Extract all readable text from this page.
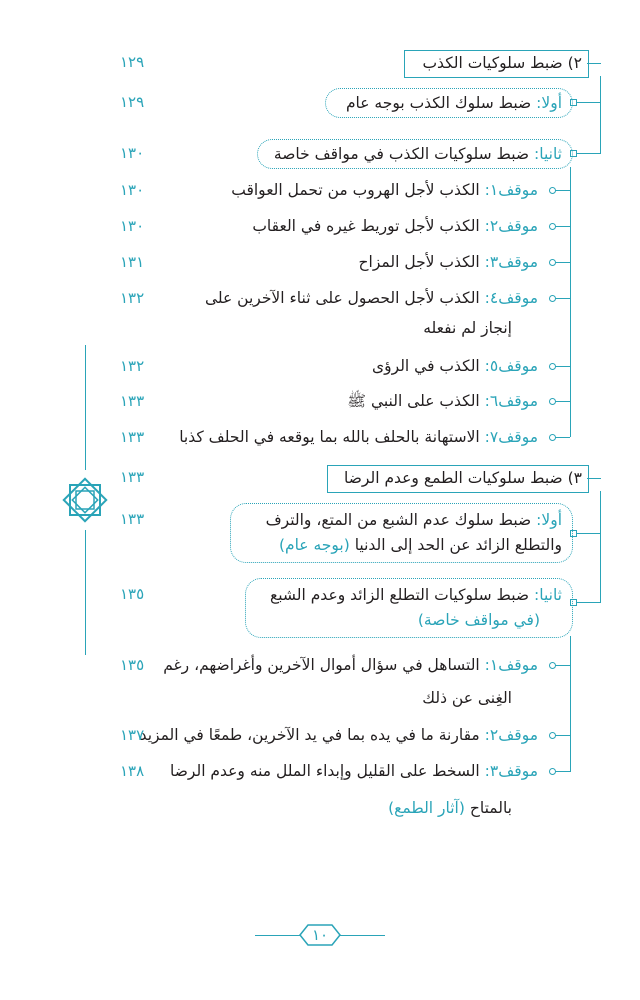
٢) ضبط سلوكيات الكذب
١٢٩
أولا: ضبط سلوك الكذب بوجه عام
١٢٩
ثانيا: ضبط سلوكيات الكذب في مواقف خاصة
١٣٠
موقف١: الكذب لأجل الهروب من تحمل العواقب
١٣٠
موقف٢: الكذب لأجل توريط غيره في العقاب
١٣٠
موقف٣: الكذب لأجل المزاح
١٣١
موقف٤: الكذب لأجل الحصول على ثناء الآخرين على
إنجاز لم نفعله
١٣٢
موقف٥: الكذب في الرؤى
١٣٢
موقف٦: الكذب على النبي ﷺ
١٣٣
موقف٧: الاستهانة بالحلف بالله بما يوقعه في الحلف كذبا
١٣٣
٣) ضبط سلوكيات الطمع وعدم الرضا
١٣٣
أولا: ضبط سلوك عدم الشبع من المتع، والترف
والتطلع الزائد عن الحد إلى الدنيا (بوجه عام)
١٣٣
ثانيا: ضبط سلوكيات التطلع الزائد وعدم الشبع
(في مواقف خاصة)
١٣٥
موقف١: التساهل في سؤال أموال الآخرين وأغراضهم، رغم
الغِنى عن ذلك
١٣٥
موقف٢: مقارنة ما في يده بما في يد الآخرين، طمعًا في المزيد
١٣٧
موقف٣: السخط على القليل وإبداء الملل منه وعدم الرضا
بالمتاح (آثار الطمع)
١٣٨
١٠
